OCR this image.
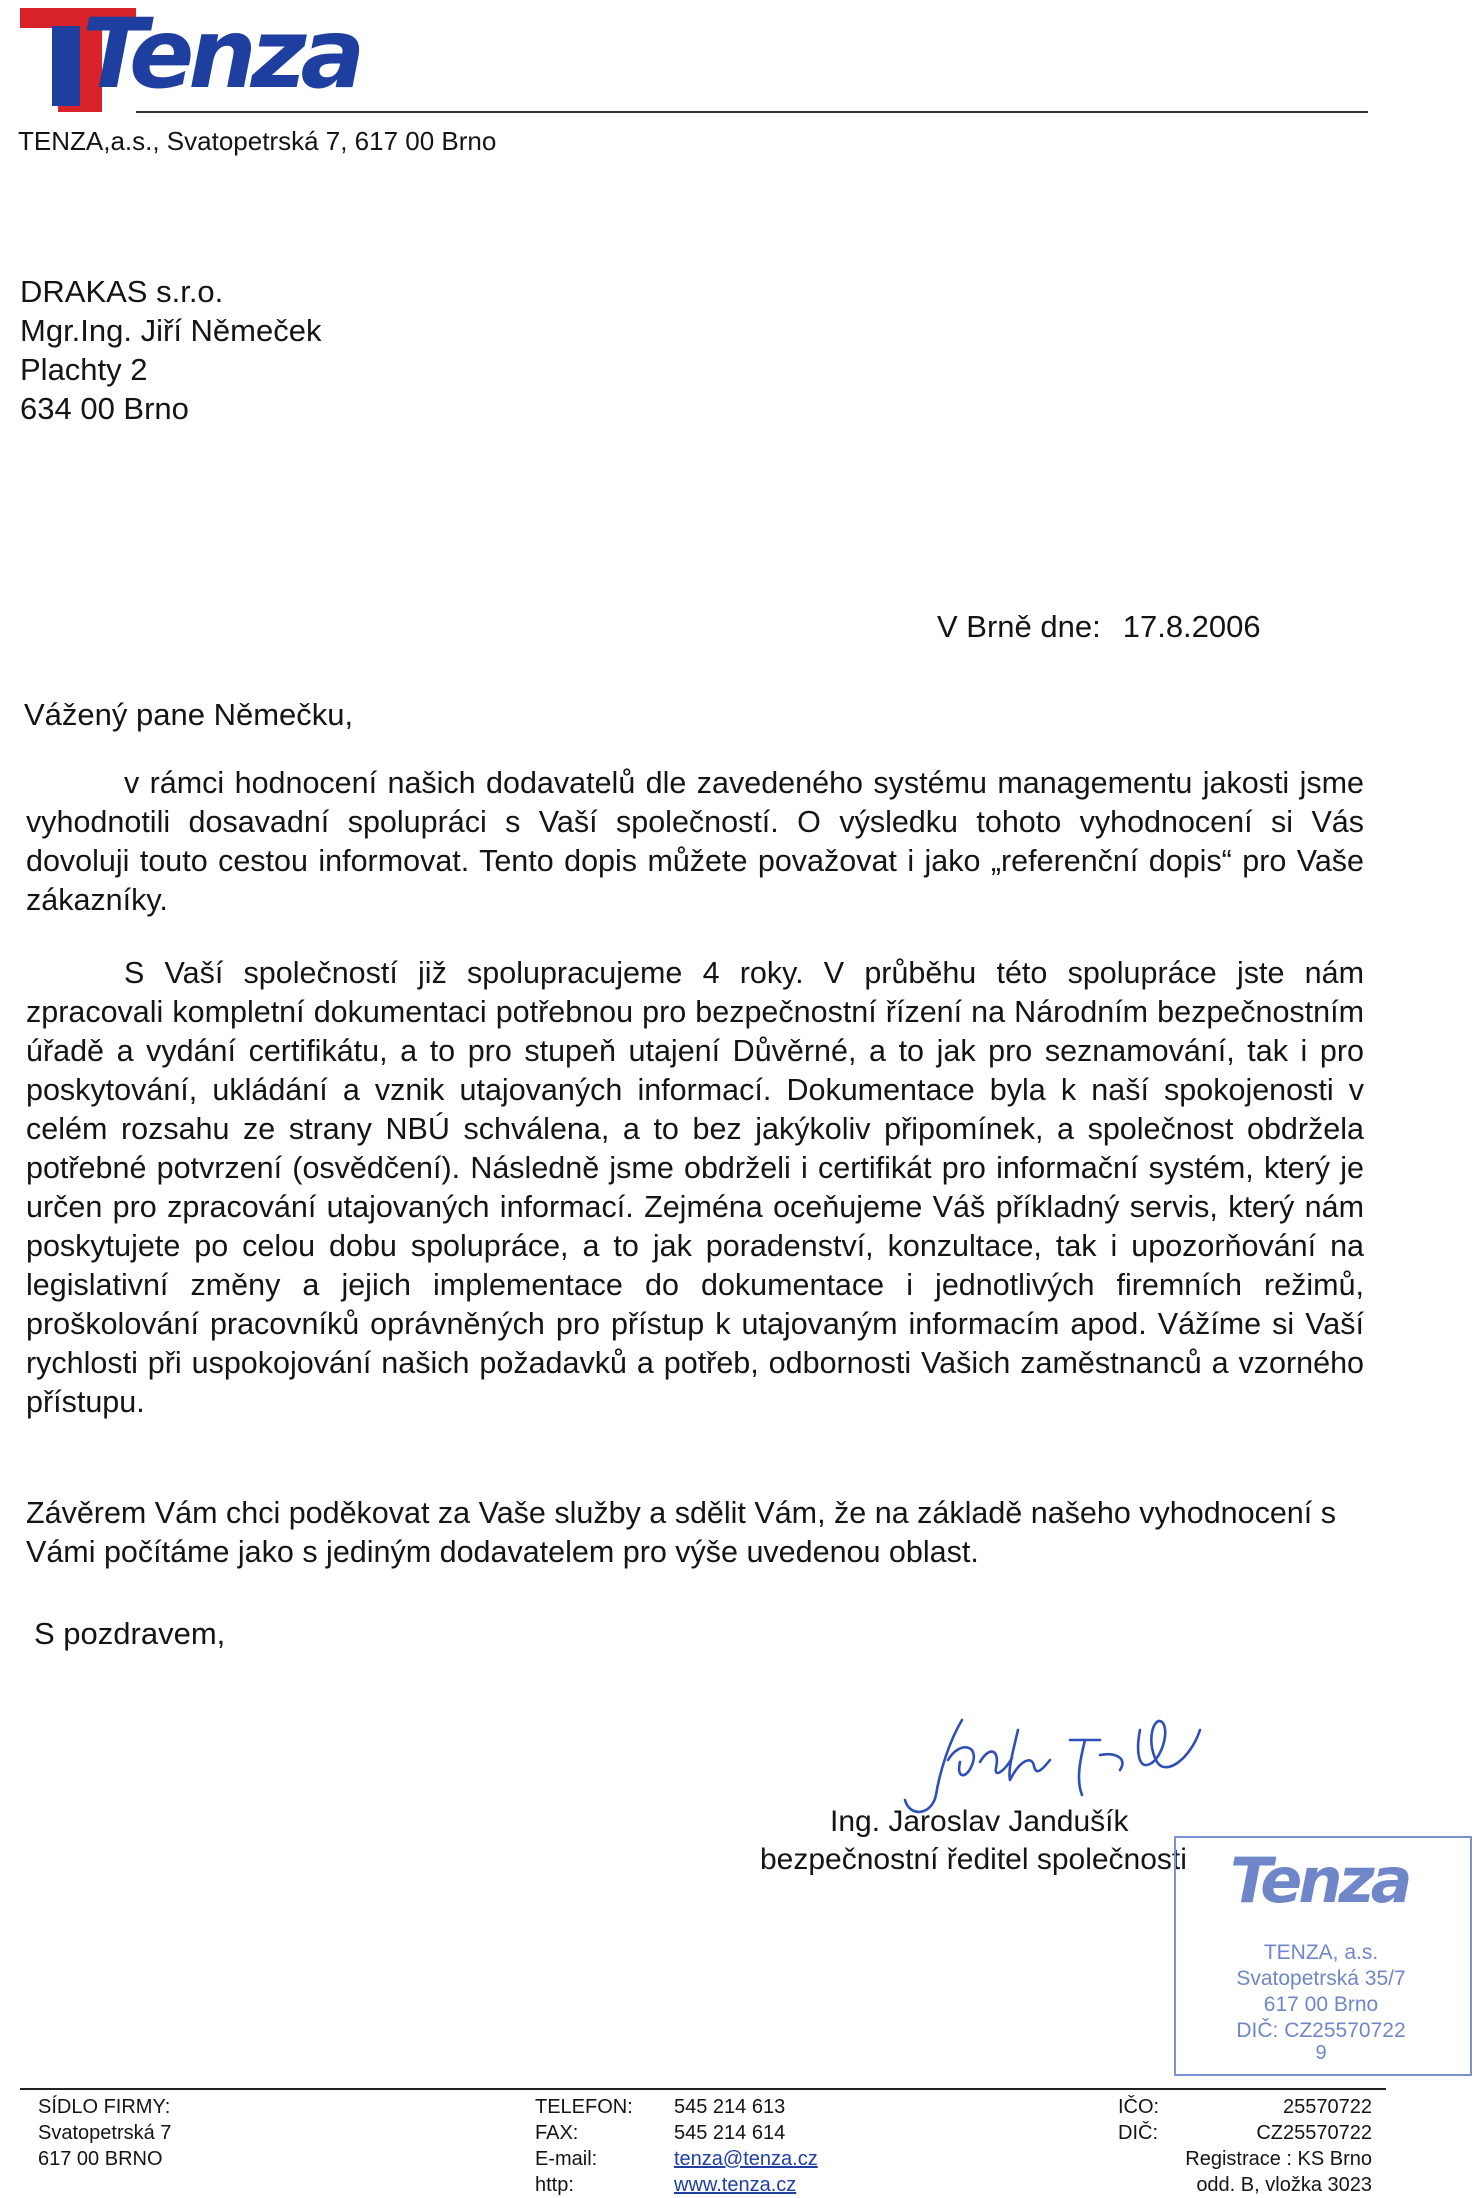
Tenza
TENZA,a.s., Svatopetrská 7, 617 00 Brno
DRAKAS s.r.o.
Mgr.Ing. Jiří Němeček
Plachty 2
634 00 Brno
V Brně dne: 17.8.2006
Vážený pane Němečku,
v rámci hodnocení našich dodavatelů dle zavedeného systému managementu jakosti jsme vyhodnotili dosavadní spolupráci s Vaší společností. O výsledku tohoto vyhodnocení si Vás dovoluji touto cestou informovat. Tento dopis můžete považovat i jako „referenční dopis“ pro Vaše zákazníky.
S Vaší společností již spolupracujeme 4 roky. V průběhu této spolupráce jste nám zpracovali kompletní dokumentaci potřebnou pro bezpečnostní řízení na Národním bezpečnostním úřadě a vydání certifikátu, a to pro stupeň utajení Důvěrné, a to jak pro seznamování, tak i pro poskytování, ukládání a vznik utajovaných informací. Dokumentace byla k naší spokojenosti v celém rozsahu ze strany NBÚ schválena, a to bez jakýkoliv připomínek, a společnost obdržela potřebné potvrzení (osvědčení). Následně jsme obdrželi i certifikát pro informační systém, který je určen pro zpracování utajovaných informací. Zejména oceňujeme Váš příkladný servis, který nám poskytujete po celou dobu spolupráce, a to jak poradenství, konzultace, tak i upozorňování na legislativní změny a jejich implementace do dokumentace i jednotlivých firemních režimů, proškolování pracovníků oprávněných pro přístup k utajovaným informacím apod. Vážíme si Vaší rychlosti při uspokojování našich požadavků a potřeb, odbornosti Vašich zaměstnanců a vzorného přístupu.
Závěrem Vám chci poděkovat za Vaše služby a sdělit Vám, že na základě našeho vyhodnocení s Vámi počítáme jako s jediným dodavatelem pro výše uvedenou oblast.
S pozdravem,
Ing. Jaroslav Jandušík
bezpečnostní ředitel společnosti Tenza
TENZA, a.s.
Svatopetrská 35/7
617 00 Brno
DIČ: CZ25570722
9
SÍDLO FIRMY:
Svatopetrská 7
617 00 BRNO
TELEFON:
FAX:
E-mail:
http:
545 214 613
545 214 614
tenza@tenza.cz
www.tenza.cz
IČO:
DIČ:
25570722
CZ25570722
Registrace : KS Brno
odd. B, vložka 3023
